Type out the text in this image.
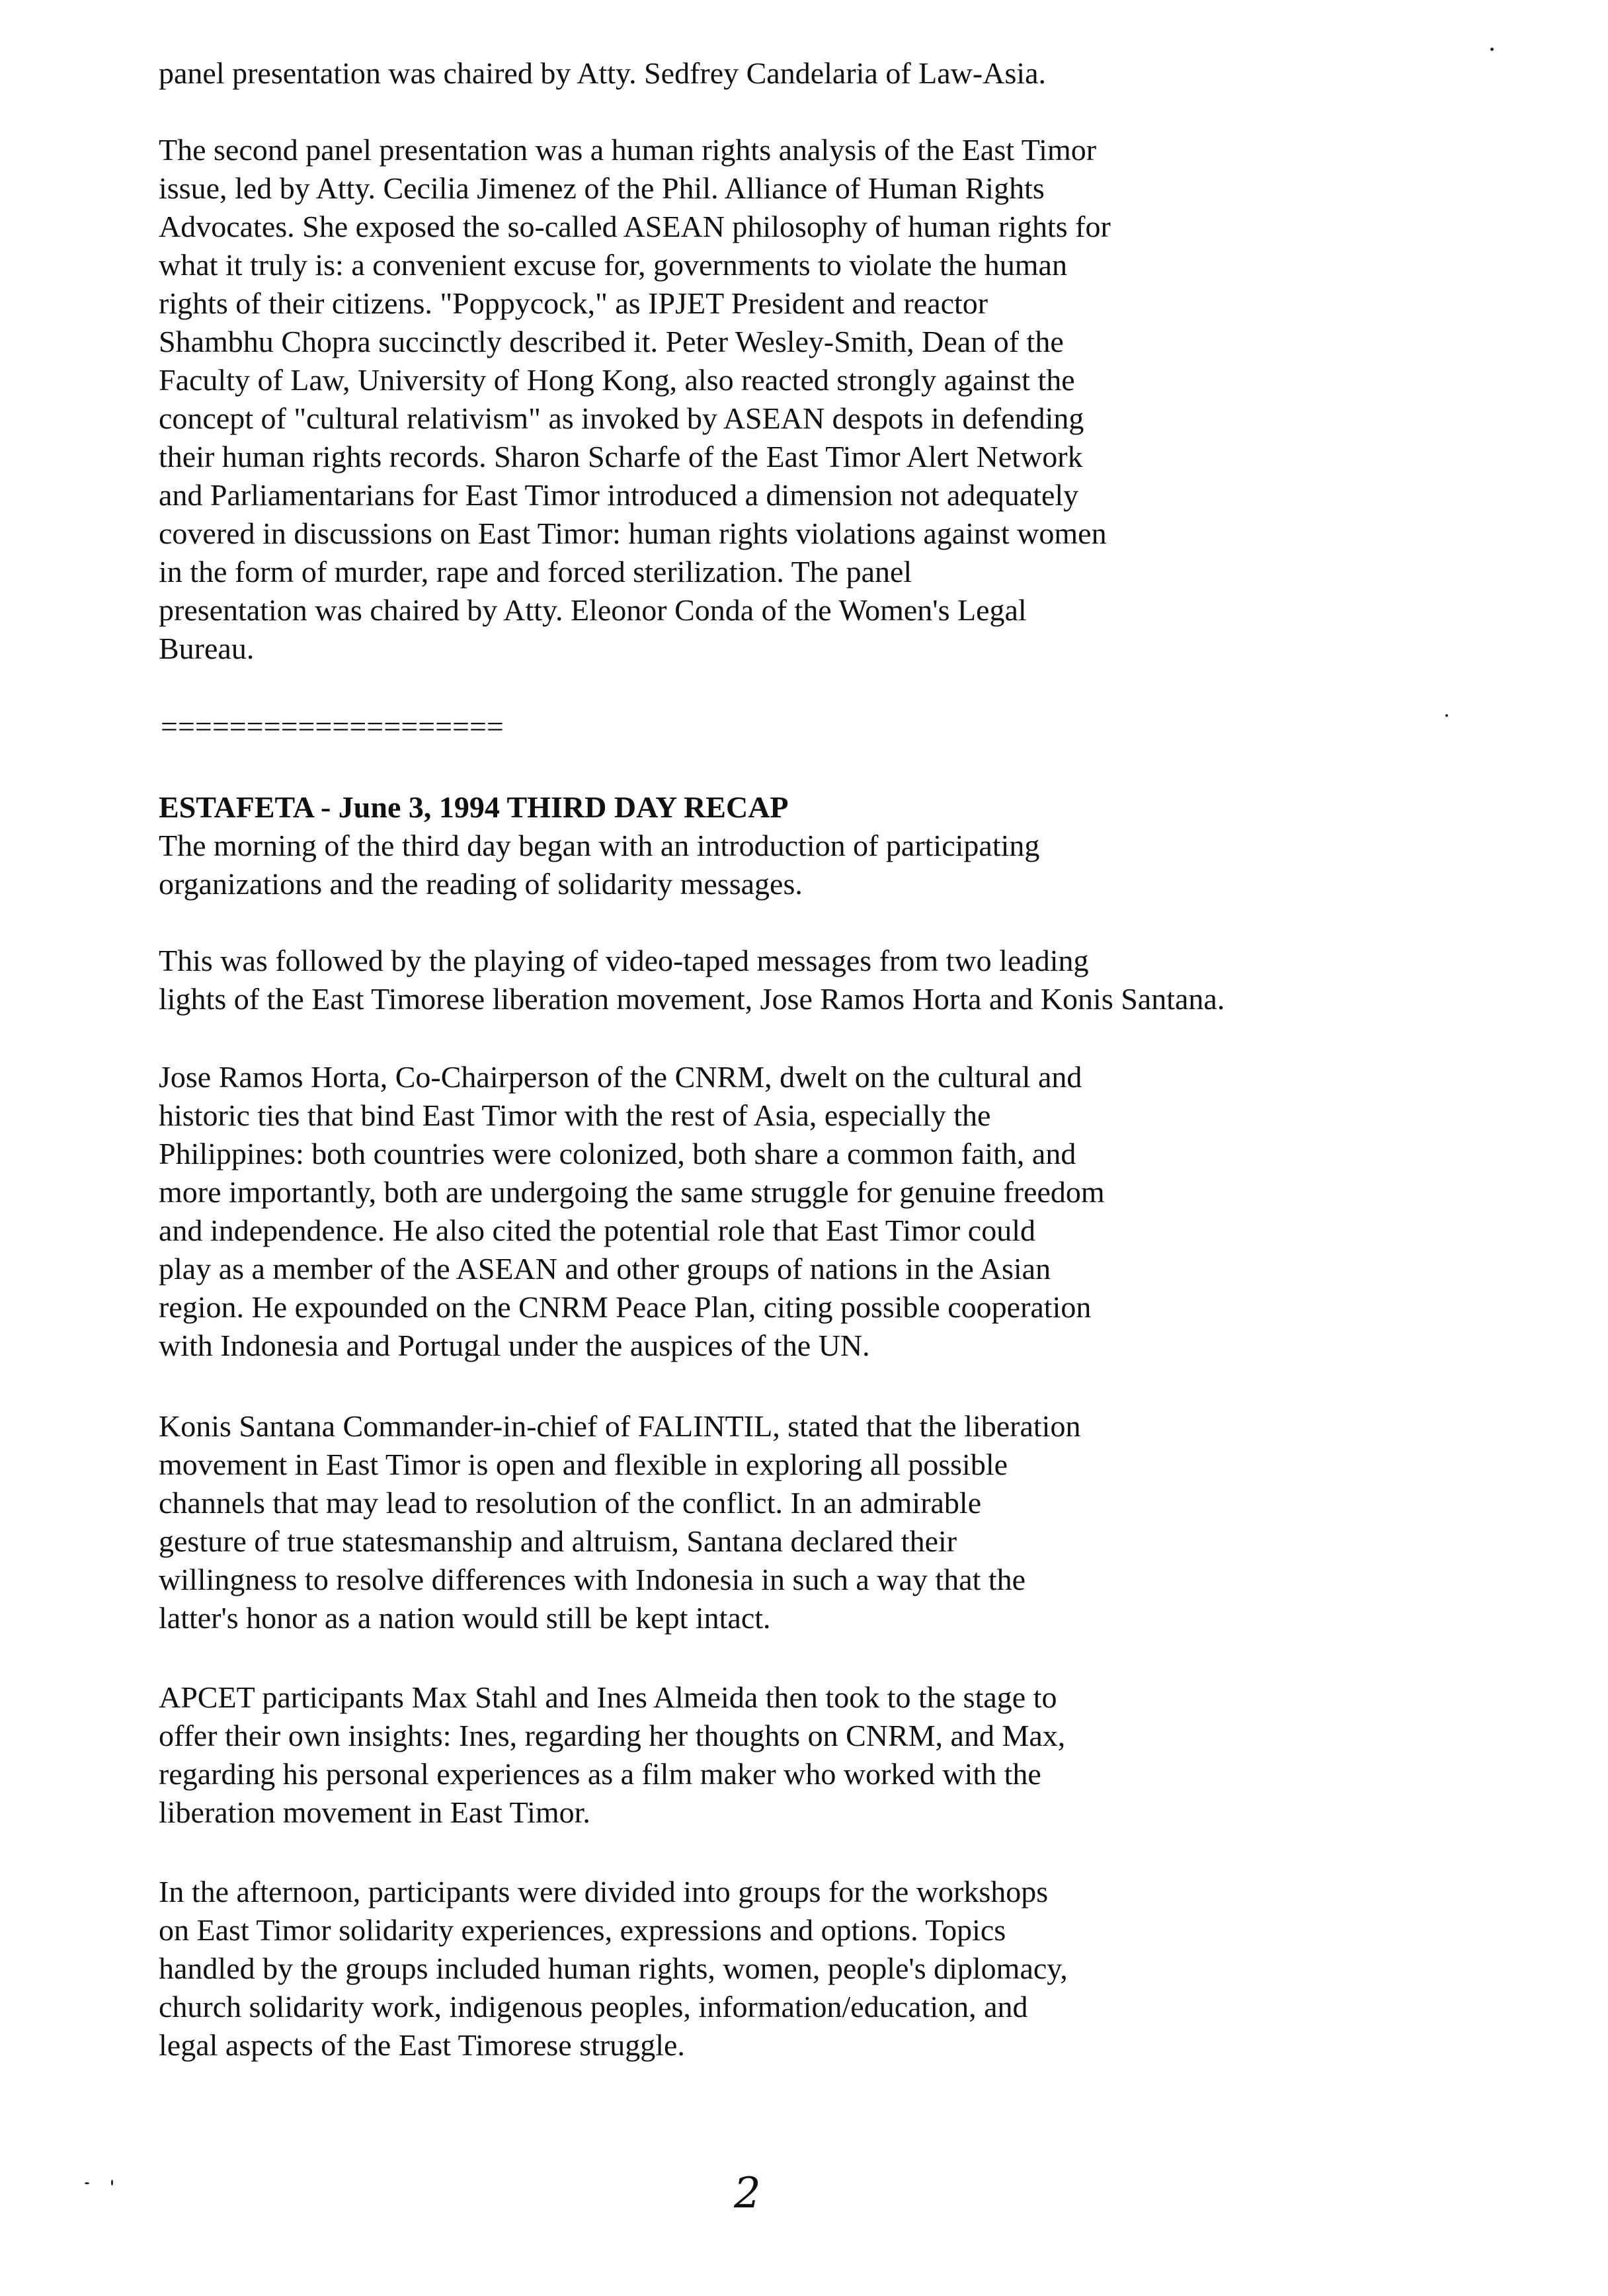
panel presentation was chaired by Atty. Sedfrey Candelaria of Law-Asia.
The second panel presentation was a human rights analysis of the East Timor
issue, led by Atty. Cecilia Jimenez of the Phil. Alliance of Human Rights
Advocates. She exposed the so-called ASEAN philosophy of human rights for
what it truly is: a convenient excuse for, governments to violate the human
rights of their citizens. "Poppycock," as IPJET President and reactor
Shambhu Chopra succinctly described it. Peter Wesley-Smith, Dean of the
Faculty of Law, University of Hong Kong, also reacted strongly against the
concept of "cultural relativism" as invoked by ASEAN despots in defending
their human rights records. Sharon Scharfe of the East Timor Alert Network
and Parliamentarians for East Timor introduced a dimension not adequately
covered in discussions on East Timor: human rights violations against women
in the form of murder, rape and forced sterilization. The panel
presentation was chaired by Atty. Eleonor Conda of the Women's Legal
Bureau.
====================
ESTAFETA - June 3, 1994 THIRD DAY RECAP
The morning of the third day began with an introduction of participating
organizations and the reading of solidarity messages.
This was followed by the playing of video-taped messages from two leading
lights of the East Timorese liberation movement, Jose Ramos Horta and Konis Santana.
Jose Ramos Horta, Co-Chairperson of the CNRM, dwelt on the cultural and
historic ties that bind East Timor with the rest of Asia, especially the
Philippines: both countries were colonized, both share a common faith, and
more importantly, both are undergoing the same struggle for genuine freedom
and independence. He also cited the potential role that East Timor could
play as a member of the ASEAN and other groups of nations in the Asian
region. He expounded on the CNRM Peace Plan, citing possible cooperation
with Indonesia and Portugal under the auspices of the UN.
Konis Santana Commander-in-chief of FALINTIL, stated that the liberation
movement in East Timor is open and flexible in exploring all possible
channels that may lead to resolution of the conflict. In an admirable
gesture of true statesmanship and altruism, Santana declared their
willingness to resolve differences with Indonesia in such a way that the
latter's honor as a nation would still be kept intact.
APCET participants Max Stahl and Ines Almeida then took to the stage to
offer their own insights: Ines, regarding her thoughts on CNRM, and Max,
regarding his personal experiences as a film maker who worked with the
liberation movement in East Timor.
In the afternoon, participants were divided into groups for the workshops
on East Timor solidarity experiences, expressions and options. Topics
handled by the groups included human rights, women, people's diplomacy,
church solidarity work, indigenous peoples, information/education, and
legal aspects of the East Timorese struggle.
2
